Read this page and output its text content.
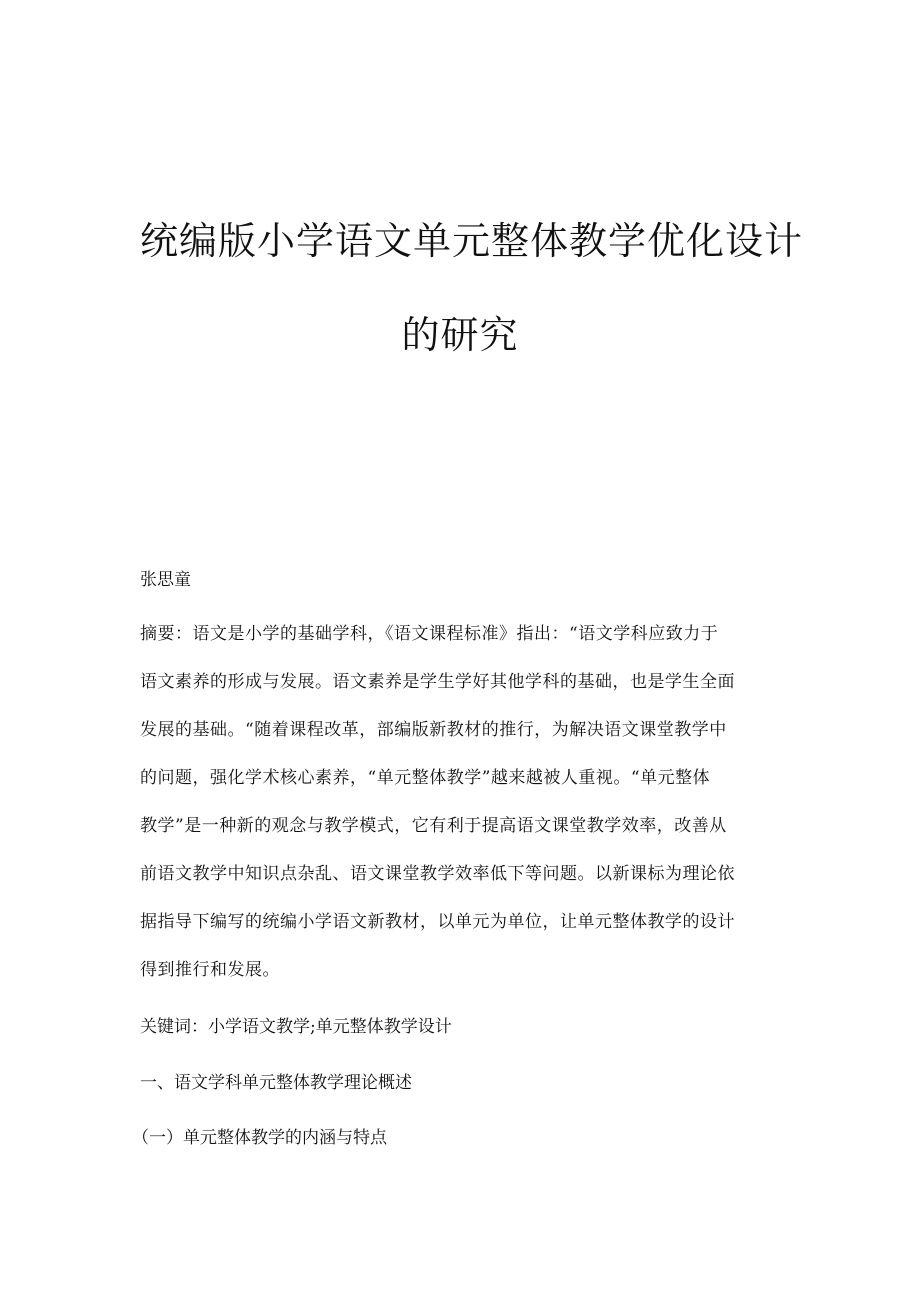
统编版小学语文单元整体教学优化设计
的研究
张思童
摘要：语文是小学的基础学科，《语文课程标准》指出：“语文学科应致力于
语文素养的形成与发展。语文素养是学生学好其他学科的基础，也是学生全面
发展的基础。“随着课程改革，部编版新教材的推行，为解决语文课堂教学中
的问题，强化学术核心素养，“单元整体教学”越来越被人重视。“单元整体
教学”是一种新的观念与教学模式，它有利于提高语文课堂教学效率，改善从
前语文教学中知识点杂乱、语文课堂教学效率低下等问题。以新课标为理论依
据指导下编写的统编小学语文新教材，以单元为单位，让单元整体教学的设计
得到推行和发展。
关键词：小学语文教学;单元整体教学设计
一、语文学科单元整体教学理论概述
（一）单元整体教学的内涵与特点
